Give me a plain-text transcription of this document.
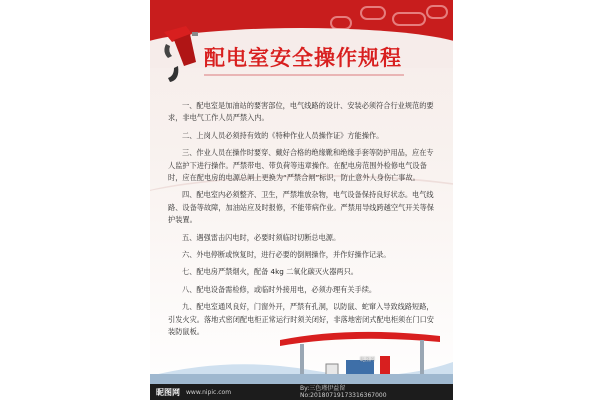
配电室安全操作规程

一、配电室是加油站的要害部位，电气线路的设计、安装必须符合行业规范的要求，非电气工作人员严禁入内。

二、上岗人员必须持有效的《特种作业人员操作证》方能操作。

三、作业人员在操作时要穿、戴好合格的绝缘靴和绝缘手套等防护用品，应在专人监护下进行操作。严禁带电、带负荷等违章操作。在配电房范围外检修电气设备时，应在配电房的电源总闸上更换为“严禁合闸”标识，防止意外人身伤亡事故。

四、配电室内必须整齐、卫生，严禁堆放杂物，电气设备保持良好状态。电气线路、设备等故障，加油站应及时报修，不能带病作业。严禁用导线跨越空气开关等保护装置。

五、遇强雷击闪电时，必要时须临时切断总电源。

六、外电停断或恢复时，进行必要的倒闸操作，并作好操作记录。

七、配电房严禁烟火，配备 4kg 二氧化碳灭火器两只。

八、配电设备需检修，或临时外接用电，必须办理有关手续。

九、配电室通风良好，门窗外开，严禁有孔洞，以防鼠、蛇窜入导致线路短路，引发火灾。落地式密闭配电柜正常运行时须关闭好，非落地密闭式配电柜须在门口安装防鼠板。

昵图网
昵图网 www.nipic.com
By:三色瑾伊益留
No:20180719173316367000
